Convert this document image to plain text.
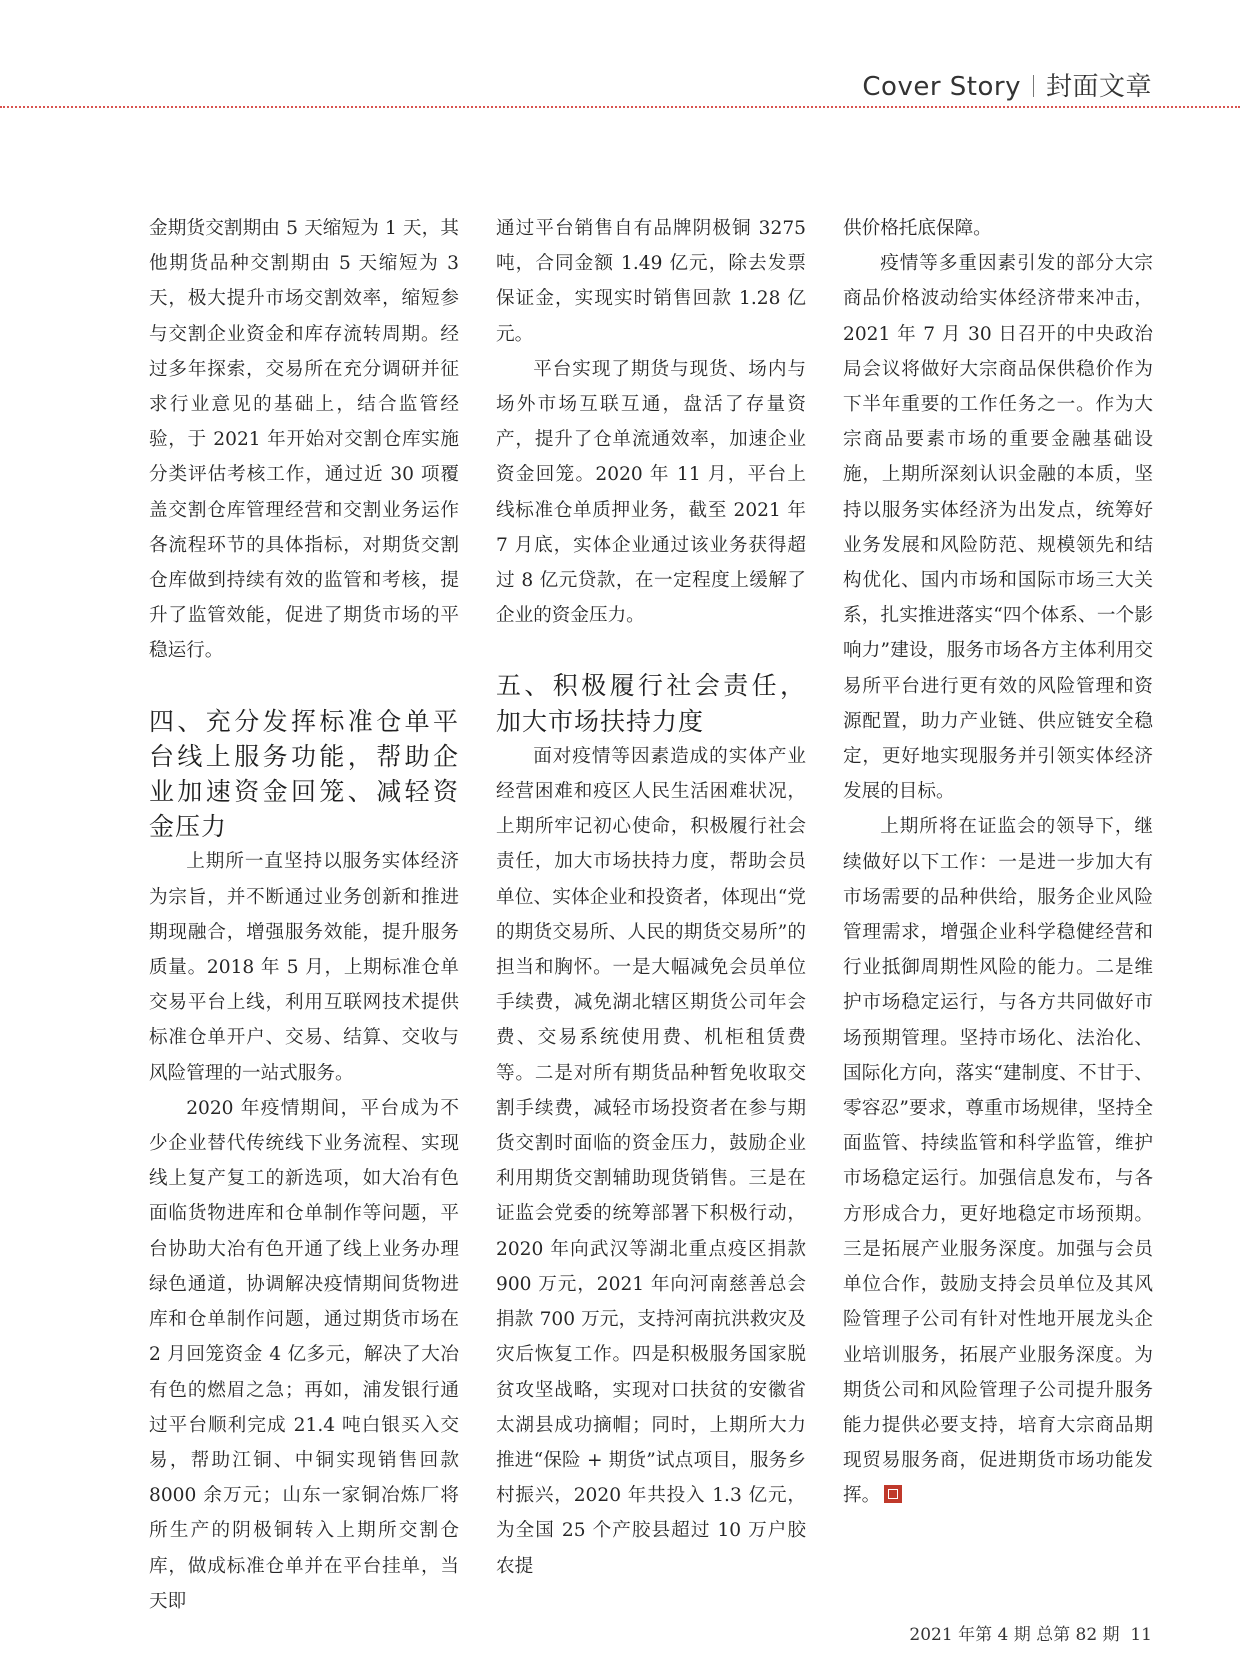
Cover Story 封面文章

金期货交割期由 5 天缩短为 1 天，其他期货品种交割期由 5 天缩短为 3 天，极大提升市场交割效率，缩短参与交割企业资金和库存流转周期。经过多年探索，交易所在充分调研并征求行业意见的基础上，结合监管经验，于 2021 年开始对交割仓库实施分类评估考核工作，通过近 30 项覆盖交割仓库管理经营和交割业务运作各流程环节的具体指标，对期货交割仓库做到持续有效的监管和考核，提升了监管效能，促进了期货市场的平稳运行。

四、充分发挥标准仓单平台线上服务功能，帮助企业加速资金回笼、减轻资金压力

上期所一直坚持以服务实体经济为宗旨，并不断通过业务创新和推进期现融合，增强服务效能，提升服务质量。2018 年 5 月，上期标准仓单交易平台上线，利用互联网技术提供标准仓单开户、交易、结算、交收与风险管理的一站式服务。

2020 年疫情期间，平台成为不少企业替代传统线下业务流程、实现线上复产复工的新选项，如大冶有色面临货物进库和仓单制作等问题，平台协助大冶有色开通了线上业务办理绿色通道，协调解决疫情期间货物进库和仓单制作问题，通过期货市场在 2 月回笼资金 4 亿多元，解决了大冶有色的燃眉之急；再如，浦发银行通过平台顺利完成 21.4 吨白银买入交易，帮助江铜、中铜实现销售回款 8000 余万元；山东一家铜冶炼厂将所生产的阴极铜转入上期所交割仓库，做成标准仓单并在平台挂单，当天即

通过平台销售自有品牌阴极铜 3275 吨，合同金额 1.49 亿元，除去发票保证金，实现实时销售回款 1.28 亿元。

平台实现了期货与现货、场内与场外市场互联互通，盘活了存量资产，提升了仓单流通效率，加速企业资金回笼。2020 年 11 月，平台上线标准仓单质押业务，截至 2021 年 7 月底，实体企业通过该业务获得超过 8 亿元贷款，在一定程度上缓解了企业的资金压力。

五、积极履行社会责任，加大市场扶持力度

面对疫情等因素造成的实体产业经营困难和疫区人民生活困难状况，上期所牢记初心使命，积极履行社会责任，加大市场扶持力度，帮助会员单位、实体企业和投资者，体现出“党的期货交易所、人民的期货交易所”的担当和胸怀。一是大幅减免会员单位手续费，减免湖北辖区期货公司年会费、交易系统使用费、机柜租赁费等。二是对所有期货品种暂免收取交割手续费，减轻市场投资者在参与期货交割时面临的资金压力，鼓励企业利用期货交割辅助现货销售。三是在证监会党委的统筹部署下积极行动，2020 年向武汉等湖北重点疫区捐款 900 万元，2021 年向河南慈善总会捐款 700 万元，支持河南抗洪救灾及灾后恢复工作。四是积极服务国家脱贫攻坚战略，实现对口扶贫的安徽省太湖县成功摘帽；同时，上期所大力推进“保险 + 期货”试点项目，服务乡村振兴，2020 年共投入 1.3 亿元，为全国 25 个产胶县超过 10 万户胶农提

供价格托底保障。

疫情等多重因素引发的部分大宗商品价格波动给实体经济带来冲击，2021 年 7 月 30 日召开的中央政治局会议将做好大宗商品保供稳价作为下半年重要的工作任务之一。作为大宗商品要素市场的重要金融基础设施，上期所深刻认识金融的本质，坚持以服务实体经济为出发点，统筹好业务发展和风险防范、规模领先和结构优化、国内市场和国际市场三大关系，扎实推进落实“四个体系、一个影响力”建设，服务市场各方主体利用交易所平台进行更有效的风险管理和资源配置，助力产业链、供应链安全稳定，更好地实现服务并引领实体经济发展的目标。

上期所将在证监会的领导下，继续做好以下工作：一是进一步加大有市场需要的品种供给，服务企业风险管理需求，增强企业科学稳健经营和行业抵御周期性风险的能力。二是维护市场稳定运行，与各方共同做好市场预期管理。坚持市场化、法治化、国际化方向，落实“建制度、不甘于、零容忍”要求，尊重市场规律，坚持全面监管、持续监管和科学监管，维护市场稳定运行。加强信息发布，与各方形成合力，更好地稳定市场预期。三是拓展产业服务深度。加强与会员单位合作，鼓励支持会员单位及其风险管理子公司有针对性地开展龙头企业培训服务，拓展产业服务深度。为期货公司和风险管理子公司提升服务能力提供必要支持，培育大宗商品期现贸易服务商，促进期货市场功能发挥。

2021 年第 4 期 总第 82 期 11
